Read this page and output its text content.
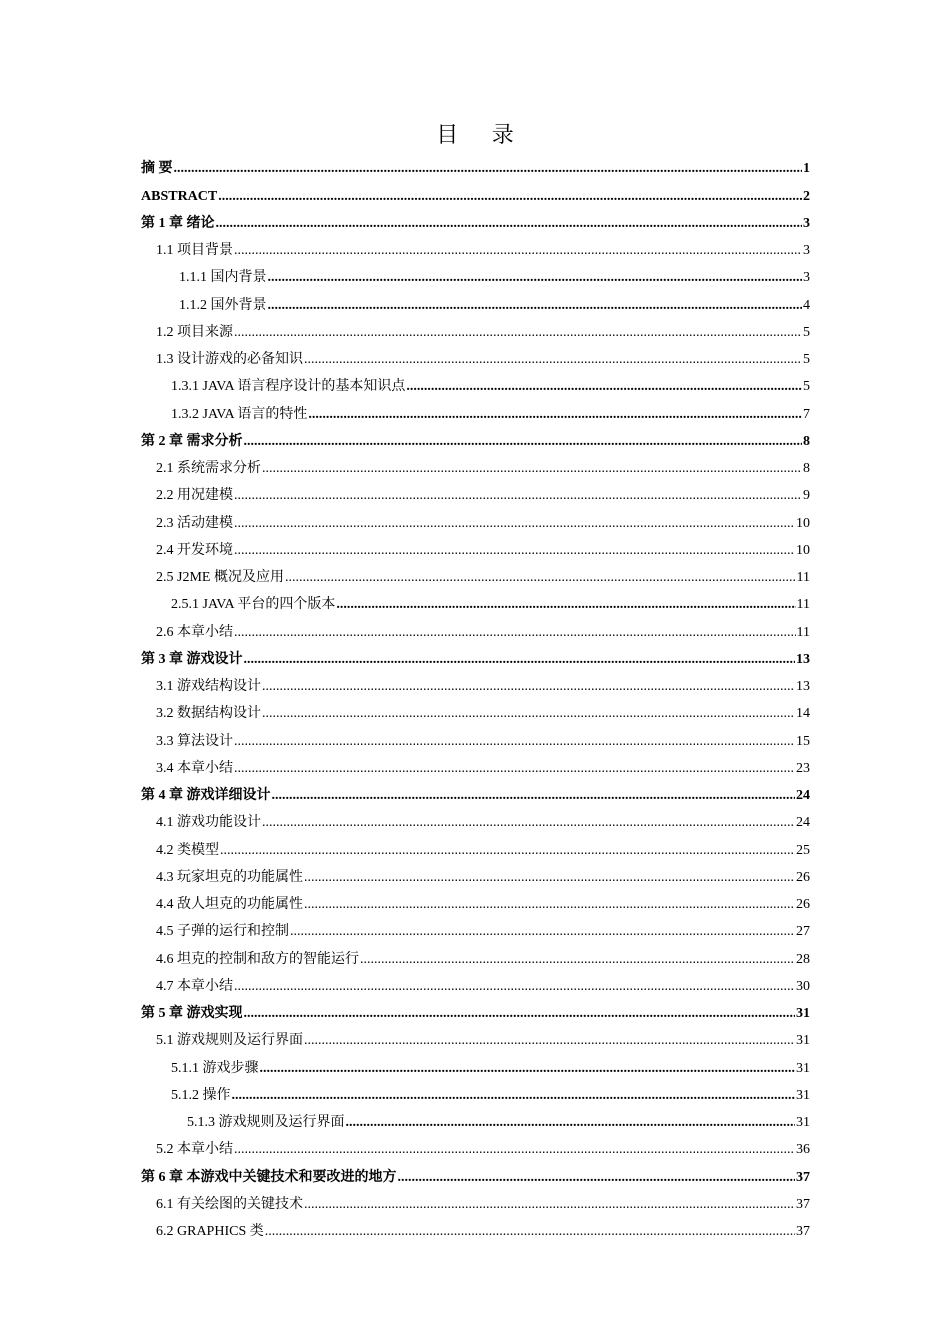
目 录
摘 要 .....	1
ABSTRACT .....	2
第 1 章 绪论 .....	3
1.1 项目背景 .....	3
1.1.1 国内背景 .....	3
1.1.2 国外背景 .....	4
1.2 项目来源 .....	5
1.3 设计游戏的必备知识 .....	5
1.3.1 JAVA 语言程序设计的基本知识点 .....	5
1.3.2 JAVA 语言的特性 .....	7
第 2 章 需求分析 .....	8
2.1 系统需求分析 .....	8
2.2 用况建模 .....	9
2.3 活动建模 .....	10
2.4 开发环境 .....	10
2.5 J2ME 概况及应用 .....	11
2.5.1 JAVA 平台的四个版本 .....	11
2.6 本章小结 .....	11
第 3 章 游戏设计 .....	13
3.1 游戏结构设计 .....	13
3.2 数据结构设计 .....	14
3.3 算法设计 .....	15
3.4 本章小结 .....	23
第 4 章 游戏详细设计 .....	24
4.1 游戏功能设计 .....	24
4.2 类模型 .....	25
4.3 玩家坦克的功能属性 .....	26
4.4 敌人坦克的功能属性 .....	26
4.5 子弹的运行和控制 .....	27
4.6 坦克的控制和敌方的智能运行 .....	28
4.7 本章小结 .....	30
第 5 章 游戏实现 .....	31
5.1 游戏规则及运行界面 .....	31
5.1.1 游戏步骤 .....	31
5.1.2 操作 .....	31
5.1.3 游戏规则及运行界面 .....	31
5.2 本章小结 .....	36
第 6 章 本游戏中关键技术和要改进的地方 .....	37
6.1 有关绘图的关键技术 .....	37
6.2 GRAPHICS 类 .....	37
